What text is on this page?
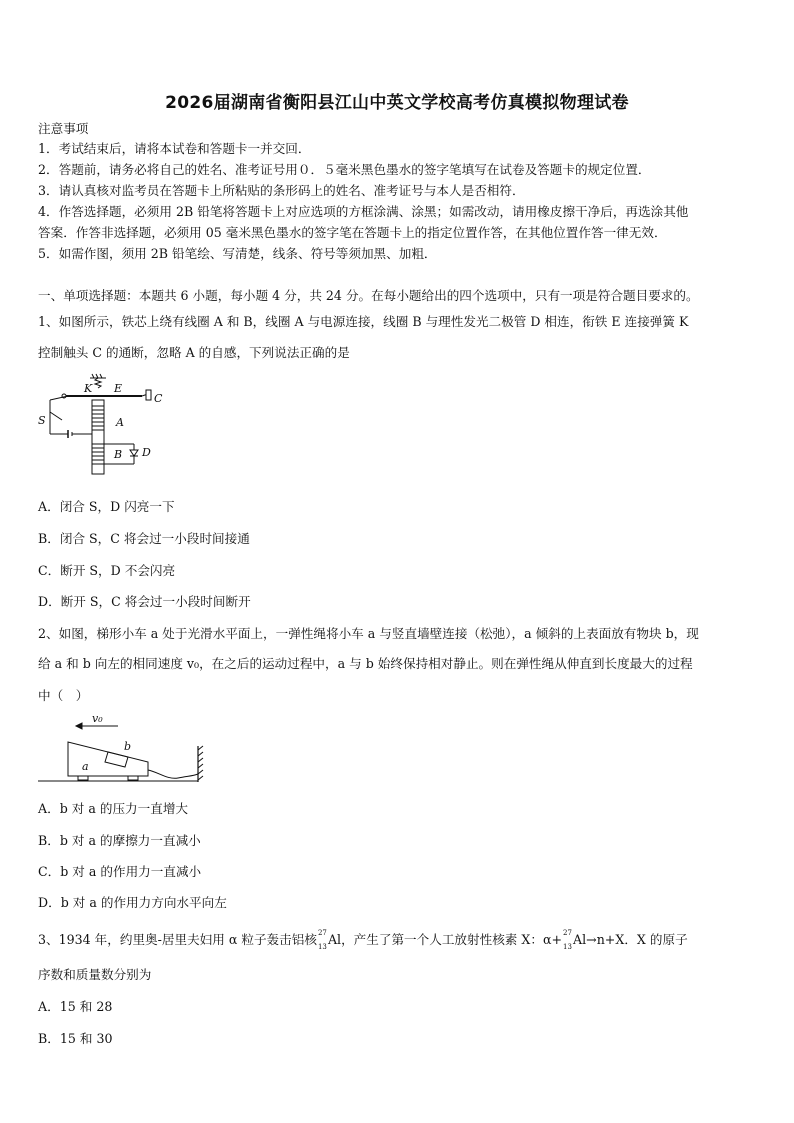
2026届湖南省衡阳县江山中英文学校高考仿真模拟物理试卷
注意事项
1．考试结束后，请将本试卷和答题卡一并交回．
2．答题前，请务必将自己的姓名、准考证号用０．５毫米黑色墨水的签字笔填写在试卷及答题卡的规定位置．
3．请认真核对监考员在答题卡上所粘贴的条形码上的姓名、准考证号与本人是否相符．
4．作答选择题，必须用 2B 铅笔将答题卡上对应选项的方框涂满、涂黑；如需改动，请用橡皮擦干净后，再选涂其他
答案．作答非选择题，必须用 05 毫米黑色墨水的签字笔在答题卡上的指定位置作答，在其他位置作答一律无效．
5．如需作图，须用 2B 铅笔绘、写清楚，线条、符号等须加黑、加粗．
一、单项选择题：本题共 6 小题，每小题 4 分，共 24 分。在每小题给出的四个选项中，只有一项是符合题目要求的。
1、如图所示，铁芯上绕有线圈 A 和 B，线圈 A 与电源连接，线圈 B 与理性发光二极管 D 相连，衔铁 E 连接弹簧 K
控制触头 C 的通断，忽略 A 的自感，下列说法正确的是
K E
C
S	A
B D
A．闭合 S，D 闪亮一下
B．闭合 S，C 将会过一小段时间接通
C．断开 S，D 不会闪亮
D．断开 S，C 将会过一小段时间断开
2、如图，梯形小车 a 处于光滑水平面上，一弹性绳将小车 a 与竖直墙壁连接（松弛），a 倾斜的上表面放有物块 b，现
给 a 和 b 向左的相同速度 v₀，在之后的运动过程中，a 与 b 始终保持相对静止。则在弹性绳从伸直到长度最大的过程
中（　）
v₀
a
b
A．b 对 a 的压力一直增大
B．b 对 a 的摩擦力一直减小
C．b 对 a 的作用力一直减小
D．b 对 a 的作用力方向水平向左
3、1934 年，约里奥-居里夫妇用 α 粒子轰击铝核 27
13 Al，产生了第一个人工放射性核素 X：α+ 27
13 Al→n+X．X 的原子
序数和质量数分别为
A．15 和 28
B．15 和 30
